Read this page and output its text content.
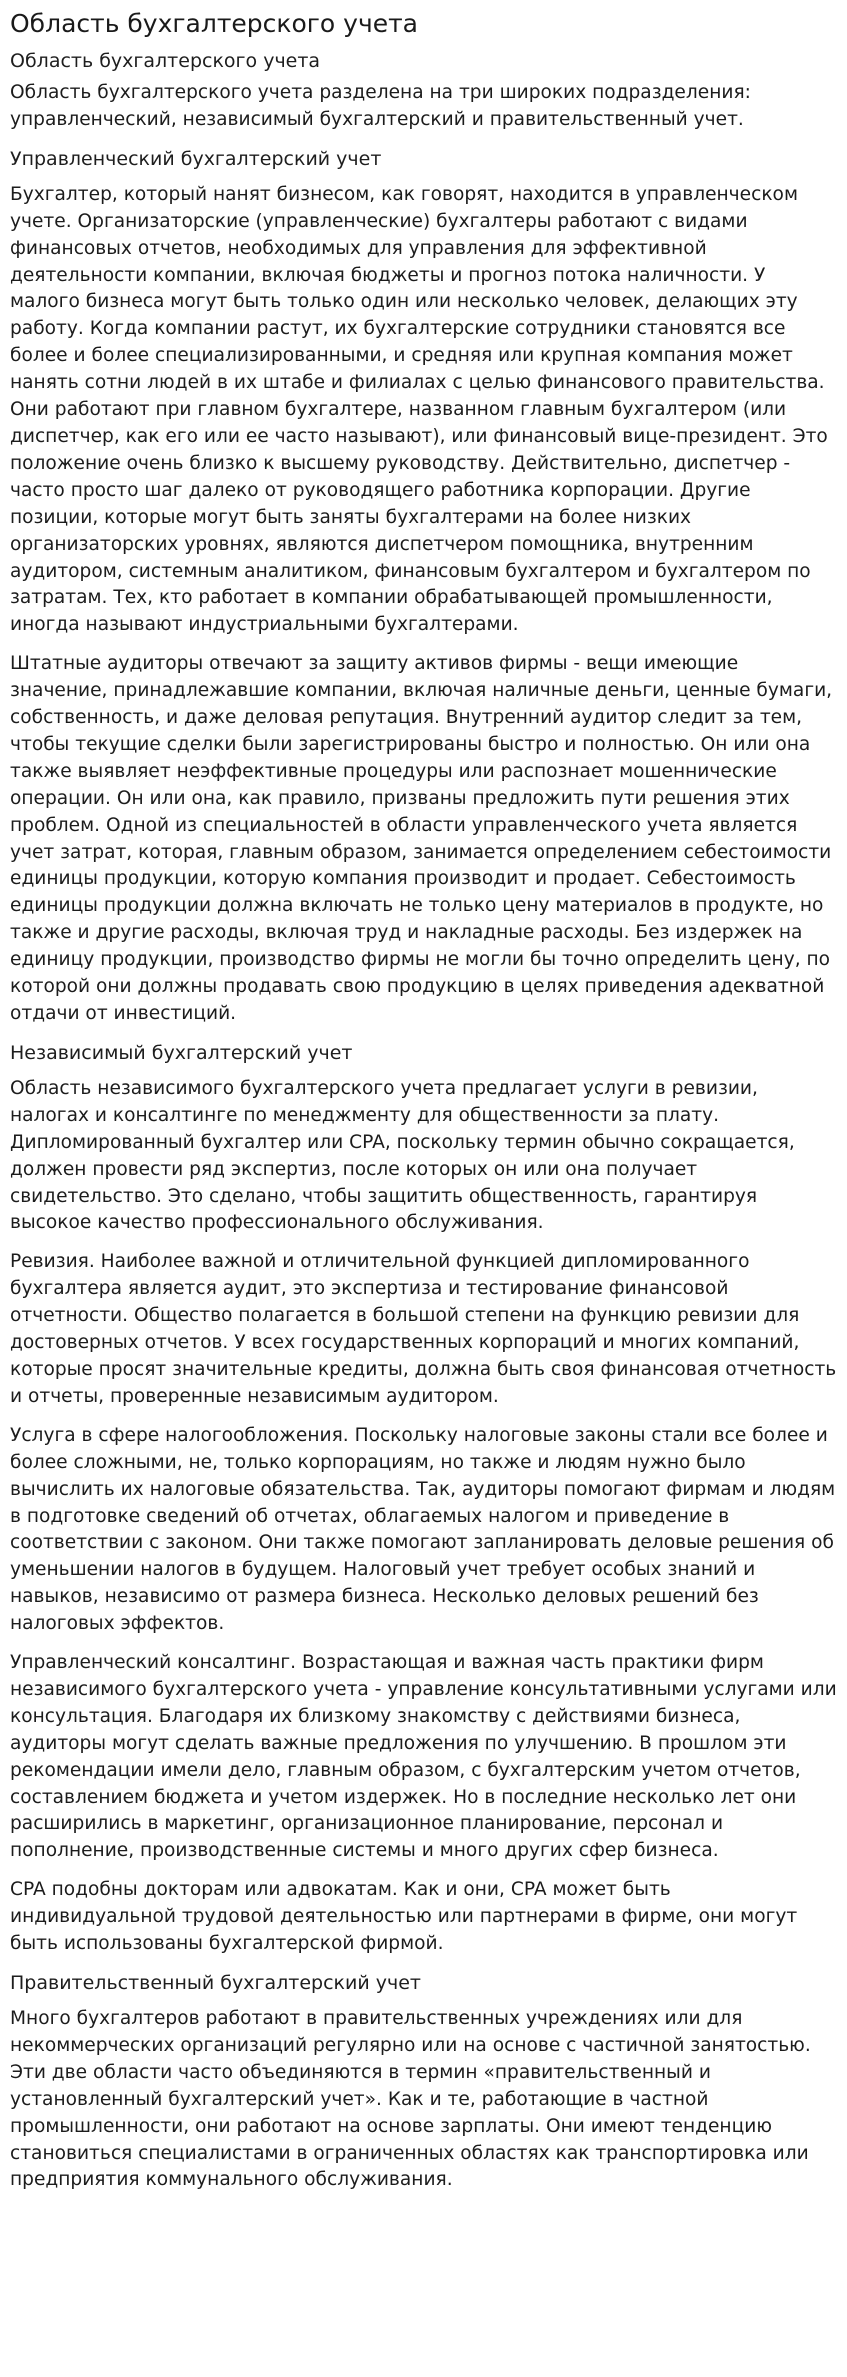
Область бухгалтерского учета
Область бухгалтерского учета

Область бухгалтерского учета разделена на три широких подразделения: управленческий, независимый бухгалтерский и правительственный учет.

Управленческий бухгалтерский учет

Бухгалтер, который нанят бизнесом, как говорят, находится в управленческом учете. Организаторские (управленческие) бухгалтеры работают с видами финансовых отчетов, необходимых для управления для эффективной деятельности компании, включая бюджеты и прогноз потока наличности. У малого бизнеса могут быть только один или несколько человек, делающих эту работу. Когда компании растут, их бухгалтерские сотрудники становятся все более и более специализированными, и средняя или крупная компания может нанять сотни людей в их штабе и филиалах с целью финансового правительства. Они работают при главном бухгалтере, названном главным бухгалтером (или диспетчер, как его или ее часто называют), или финансовый вице-президент. Это положение очень близко к высшему руководству. Действительно, диспетчер - часто просто шаг далеко от руководящего работника корпорации. Другие позиции, которые могут быть заняты бухгалтерами на более низких организаторских уровнях, являются диспетчером помощника, внутренним аудитором, системным аналитиком, финансовым бухгалтером и бухгалтером по затратам. Тех, кто работает в компании обрабатывающей промышленности, иногда называют индустриальными бухгалтерами.

Штатные аудиторы отвечают за защиту активов фирмы - вещи имеющие значение, принадлежавшие компании, включая наличные деньги, ценные бумаги, собственность, и даже деловая репутация. Внутренний аудитор следит за тем, чтобы текущие сделки были зарегистрированы быстро и полностью. Он или она также выявляет неэффективные процедуры или распознает мошеннические операции. Он или она, как правило, призваны предложить пути решения этих проблем. Одной из специальностей в области управленческого учета является учет затрат, которая, главным образом, занимается определением себестоимости единицы продукции, которую компания производит и продает. Себестоимость единицы продукции должна включать не только цену материалов в продукте, но также и другие расходы, включая труд и накладные расходы. Без издержек на единицу продукции, производство фирмы не могли бы точно определить цену, по которой они должны продавать свою продукцию в целях приведения адекватной отдачи от инвестиций.

Независимый бухгалтерский учет

Область независимого бухгалтерского учета предлагает услуги в ревизии, налогах и консалтинге по менеджменту для общественности за плату. Дипломированный бухгалтер или CPA, поскольку термин обычно сокращается, должен провести ряд экспертиз, после которых он или она получает свидетельство. Это сделано, чтобы защитить общественность, гарантируя высокое качество профессионального обслуживания.

Ревизия. Наиболее важной и отличительной функцией дипломированного бухгалтера является аудит, это экспертиза и тестирование финансовой отчетности. Общество полагается в большой степени на функцию ревизии для достоверных отчетов. У всех государственных корпораций и многих компаний, которые просят значительные кредиты, должна быть своя финансовая отчетность и отчеты, проверенные независимым аудитором.

Услуга в сфере налогообложения. Поскольку налоговые законы стали все более и более сложными, не, только корпорациям, но также и людям нужно было вычислить их налоговые обязательства. Так, аудиторы помогают фирмам и людям в подготовке сведений об отчетах, облагаемых налогом и приведение в соответствии с законом. Они также помогают запланировать деловые решения об уменьшении налогов в будущем. Налоговый учет требует особых знаний и навыков, независимо от размера бизнеса. Несколько деловых решений без налоговых эффектов.

Управленческий консалтинг. Возрастающая и важная часть практики фирм независимого бухгалтерского учета - управление консультативными услугами или консультация. Благодаря их близкому знакомству с действиями бизнеса, аудиторы могут сделать важные предложения по улучшению. В прошлом эти рекомендации имели дело, главным образом, с бухгалтерским учетом отчетов, составлением бюджета и учетом издержек. Но в последние несколько лет они расширились в маркетинг, организационное планирование, персонал и пополнение, производственные системы и много других сфер бизнеса.

CPA подобны докторам или адвокатам. Как и они, CPA может быть индивидуальной трудовой деятельностью или партнерами в фирме, они могут быть использованы бухгалтерской фирмой.

Правительственный бухгалтерский учет

Много бухгалтеров работают в правительственных учреждениях или для некоммерческих организаций регулярно или на основе с частичной занятостью. Эти две области часто объединяются в термин «правительственный и установленный бухгалтерский учет». Как и те, работающие в частной промышленности, они работают на основе зарплаты. Они имеют тенденцию становиться специалистами в ограниченных областях как транспортировка или предприятия коммунального обслуживания.
